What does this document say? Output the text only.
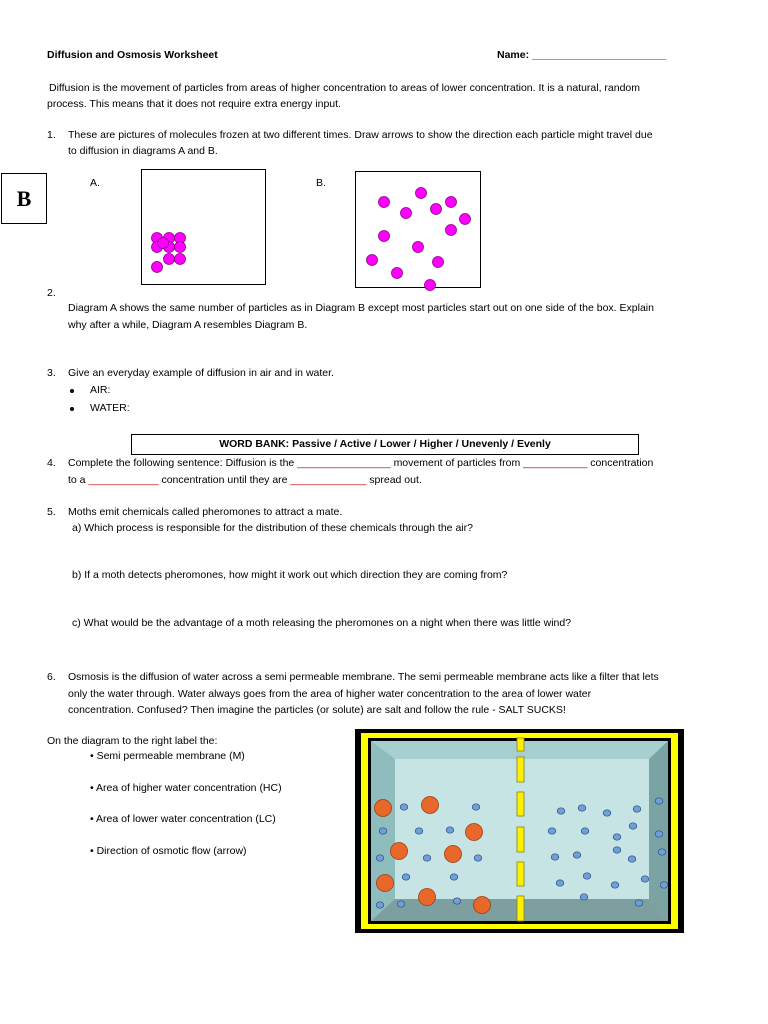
Diffusion and Osmosis Worksheet	Name: _______________________
B
Diffusion is the movement of particles from areas of higher concentration to areas of lower concentration. It is a natural, random
process. This means that it does not require extra energy input.
1. These are pictures of molecules frozen at two different times. Draw arrows to show the direction each particle might travel due
to diffusion in diagrams A and B.
A.	B.
2.
Diagram A shows the same number of particles as in Diagram B except most particles start out on one side of the box. Explain
why after a while, Diagram A resembles Diagram B.
3. Give an everyday example of diffusion in air and in water.
AIR:
WATER:
WORD BANK: Passive / Active / Lower / Higher / Unevenly / Evenly
4. Complete the following sentence: Diffusion is the ________________ movement of particles from ___________ concentration
to a ____________ concentration until they are _____________ spread out.
5. Moths emit chemicals called pheromones to attract a mate.
a) Which process is responsible for the distribution of these chemicals through the air?
b) If a moth detects pheromones, how might it work out which direction they are coming from?
c) What would be the advantage of a moth releasing the pheromones on a night when there was little wind?
6. Osmosis is the diffusion of water across a semi permeable membrane. The semi permeable membrane acts like a filter that lets
only the water through. Water always goes from the area of higher water concentration to the area of lower water
concentration. Confused? Then imagine the particles (or solute) are salt and follow the rule - SALT SUCKS!
On the diagram to the right label the:
• Semi permeable membrane (M)
• Area of higher water concentration (HC)
• Area of lower water concentration (LC)
• Direction of osmotic flow (arrow)
